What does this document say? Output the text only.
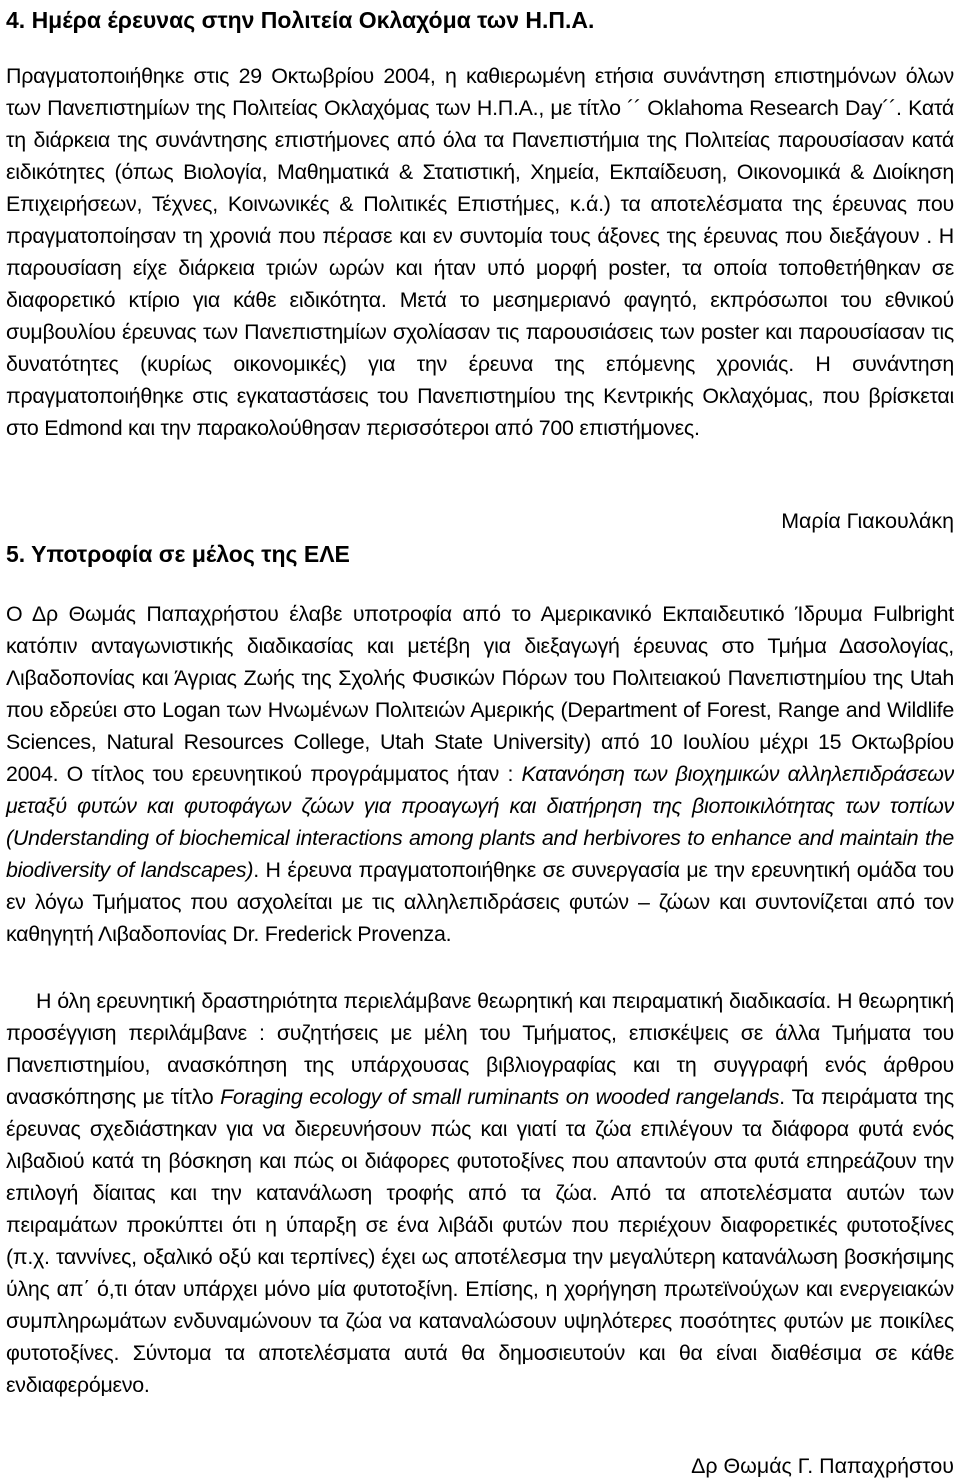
4. Ημέρα έρευνας στην Πολιτεία Οκλαχόμα των Η.Π.Α.

Πραγματοποιήθηκε στις 29 Οκτωβρίου 2004, η καθιερωμένη ετήσια συνάντηση επιστημόνων όλων των Πανεπιστημίων της Πολιτείας Οκλαχόμας των Η.Π.Α., με τίτλο ´´ Oklahoma Research Day´´. Κατά τη διάρκεια της συνάντησης επιστήμονες από όλα τα Πανεπιστήμια της Πολιτείας παρουσίασαν κατά ειδικότητες (όπως Βιολογία, Μαθηματικά & Στατιστική, Χημεία, Εκπαίδευση, Οικονομικά & Διοίκηση Επιχειρήσεων, Τέχνες, Κοινωνικές & Πολιτικές Επιστήμες, κ.ά.) τα αποτελέσματα της έρευνας που πραγματοποίησαν τη χρονιά που πέρασε και εν συντομία τους άξονες της έρευνας που διεξάγουν . Η παρουσίαση είχε διάρκεια τριών ωρών και ήταν υπό μορφή poster, τα οποία τοποθετήθηκαν σε διαφορετικό κτίριο για κάθε ειδικότητα. Μετά το μεσημεριανό φαγητό, εκπρόσωποι του εθνικού συμβουλίου έρευνας των Πανεπιστημίων σχολίασαν τις παρουσιάσεις των poster και παρουσίασαν τις δυνατότητες (κυρίως οικονομικές) για την έρευνα της επόμενης χρονιάς. Η συνάντηση πραγματοποιήθηκε στις εγκαταστάσεις του Πανεπιστημίου της Κεντρικής Οκλαχόμας, που βρίσκεται στο Edmond και την παρακολούθησαν περισσότεροι από 700 επιστήμονες.

Μαρία Γιακουλάκη

5. Υποτροφία σε μέλος της ΕΛΕ

Ο Δρ Θωμάς Παπαχρήστου έλαβε υποτροφία από το Αμερικανικό Εκπαιδευτικό Ίδρυμα Fulbright κατόπιν ανταγωνιστικής διαδικασίας και μετέβη για διεξαγωγή έρευνας στο Τμήμα Δασολογίας, Λιβαδοπονίας και Άγριας Ζωής της Σχολής Φυσικών Πόρων του Πολιτειακού Πανεπιστημίου της Utah που εδρεύει στο Logan των Ηνωμένων Πολιτειών Αμερικής (Department of Forest, Range and Wildlife Sciences, Natural Resources College, Utah State University) από 10 Ιουλίου μέχρι 15 Οκτωβρίου 2004. Ο τίτλος του ερευνητικού προγράμματος ήταν : Κατανόηση των βιοχημικών αλληλεπιδράσεων μεταξύ φυτών και φυτοφάγων ζώων για προαγωγή και διατήρηση της βιοποικιλότητας των τοπίων (Understanding of biochemical interactions among plants and herbivores to enhance and maintain the biodiversity of landscapes). Η έρευνα πραγματοποιήθηκε σε συνεργασία με την ερευνητική ομάδα του εν λόγω Τμήματος που ασχολείται με τις αλληλεπιδράσεις φυτών – ζώων και συντονίζεται από τον καθηγητή Λιβαδοπονίας Dr. Frederick Provenza.

Η όλη ερευνητική δραστηριότητα περιελάμβανε θεωρητική και πειραματική διαδικασία. Η θεωρητική προσέγγιση περιλάμβανε : συζητήσεις με μέλη του Τμήματος, επισκέψεις σε άλλα Τμήματα του Πανεπιστημίου, ανασκόπηση της υπάρχουσας βιβλιογραφίας και τη συγγραφή ενός άρθρου ανασκόπησης με τίτλο Foraging ecology of small ruminants on wooded rangelands. Τα πειράματα της έρευνας σχεδιάστηκαν για να διερευνήσουν πώς και γιατί τα ζώα επιλέγουν τα διάφορα φυτά ενός λιβαδιού κατά τη βόσκηση και πώς οι διάφορες φυτοτοξίνες που απαντούν στα φυτά επηρεάζουν την επιλογή δίαιτας και την κατανάλωση τροφής από τα ζώα. Από τα αποτελέσματα αυτών των πειραμάτων προκύπτει ότι η ύπαρξη σε ένα λιβάδι φυτών που περιέχουν διαφορετικές φυτοτοξίνες (π.χ. ταννίνες, οξαλικό οξύ και τερπίνες) έχει ως αποτέλεσμα την μεγαλύτερη κατανάλωση βοσκήσιμης ύλης απ΄ ό,τι όταν υπάρχει μόνο μία φυτοτοξίνη. Επίσης, η χορήγηση πρωτεϊνούχων και ενεργειακών συμπληρωμάτων ενδυναμώνουν τα ζώα να καταναλώσουν υψηλότερες ποσότητες φυτών με ποικίλες φυτοτοξίνες. Σύντομα τα αποτελέσματα αυτά θα δημοσιευτούν και θα είναι διαθέσιμα σε κάθε ενδιαφερόμενο.

Δρ Θωμάς Γ. Παπαχρήστου
